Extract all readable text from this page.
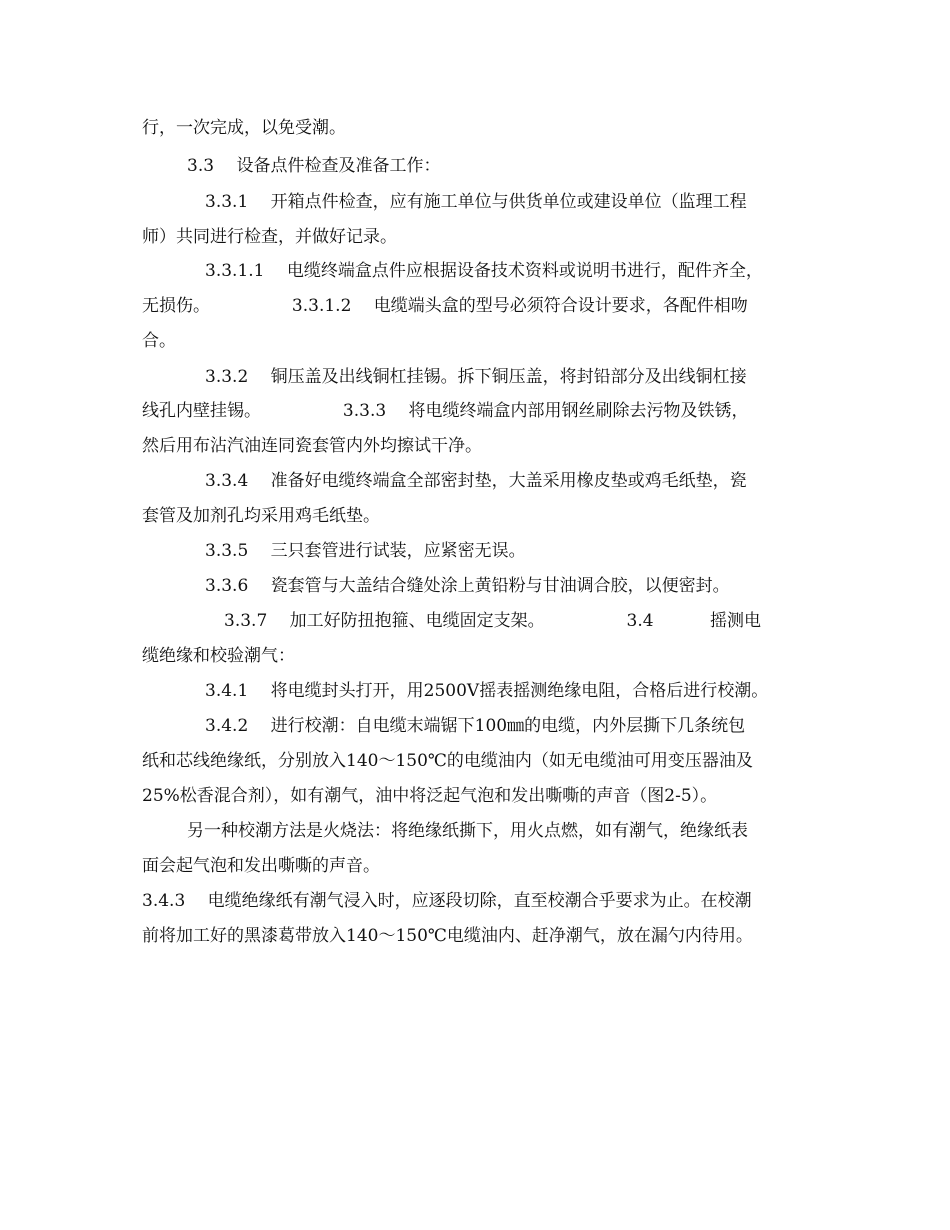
行，一次完成，以免受潮。

3.3　 设备点件检查及准备工作：

3.3.1　 开箱点件检查，应有施工单位与供货单位或建设单位（监理工程

师）共同进行检查，并做好记录。

3.3.1.1　 电缆终端盒点件应根据设备技术资料或说明书进行，配件齐全，

无损伤。　　　　　 3.3.1.2　 电缆端头盒的型号必须符合设计要求，各配件相吻

合。

3.3.2　 铜压盖及出线铜杠挂锡。拆下铜压盖，将封铅部分及出线铜杠接

线孔内壁挂锡。　　　　　 3.3.3　 将电缆终端盒内部用钢丝刷除去污物及铁锈，

然后用布沾汽油连同瓷套管内外均擦试干净。

3.3.4　 准备好电缆终端盒全部密封垫，大盖采用橡皮垫或鸡毛纸垫，瓷

套管及加剂孔均采用鸡毛纸垫。

3.3.5　 三只套管进行试装，应紧密无误。

3.3.6　 瓷套管与大盖结合缝处涂上黄铅粉与甘油调合胶，以便密封。

3.3.7　 加工好防扭抱箍、电缆固定支架。　　　　　 3.4　　　 摇测电

缆绝缘和校验潮气：

3.4.1　 将电缆封头打开，用2500V摇表摇测绝缘电阻，合格后进行校潮。

3.4.2　 进行校潮：自电缆末端锯下100㎜的电缆，内外层撕下几条统包

纸和芯线绝缘纸，分别放入140～150℃的电缆油内（如无电缆油可用变压器油及

25%松香混合剂），如有潮气，油中将泛起气泡和发出嘶嘶的声音（图2-5）。

另一种校潮方法是火烧法：将绝缘纸撕下，用火点燃，如有潮气，绝缘纸表

面会起气泡和发出嘶嘶的声音。

3.4.3　 电缆绝缘纸有潮气浸入时，应逐段切除，直至校潮合乎要求为止。在校潮

前将加工好的黑漆葛带放入140～150℃电缆油内、赶净潮气，放在漏勺内待用。
